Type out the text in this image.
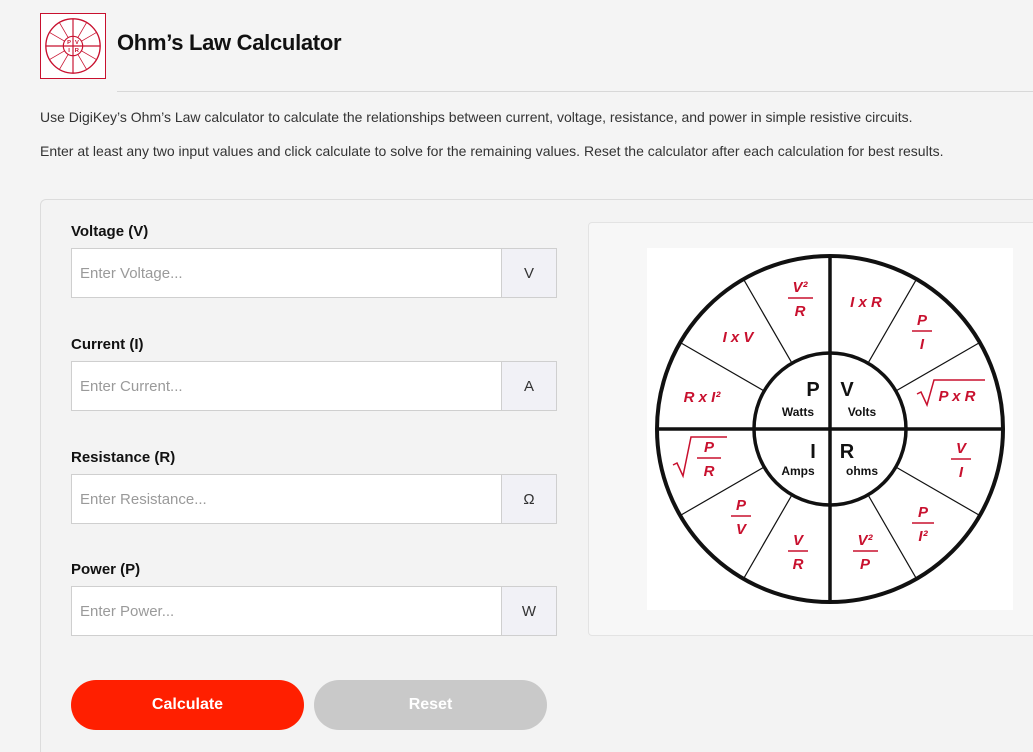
P V
I R Ohm’s Law Calculator

Use DigiKey’s Ohm’s Law calculator to calculate the relationships between current, voltage, resistance, and power in simple resistive circuits.

Enter at least any two input values and click calculate to solve for the remaining values. Reset the calculator after each calculation for best results.

Voltage (V)
Enter Voltage...
V
Current (I)
Enter Current...
A
Resistance (R)
Enter Resistance...
Ω
Power (P)
Enter Power...
W
Calculate	Reset
P
Watts
V
Volts
I
Amps
R
ohms
V²
R
I x R
P
I
I x V
R x I²	P x R
P
R
V
I
P
V
V
R
V²
P
P
I²
